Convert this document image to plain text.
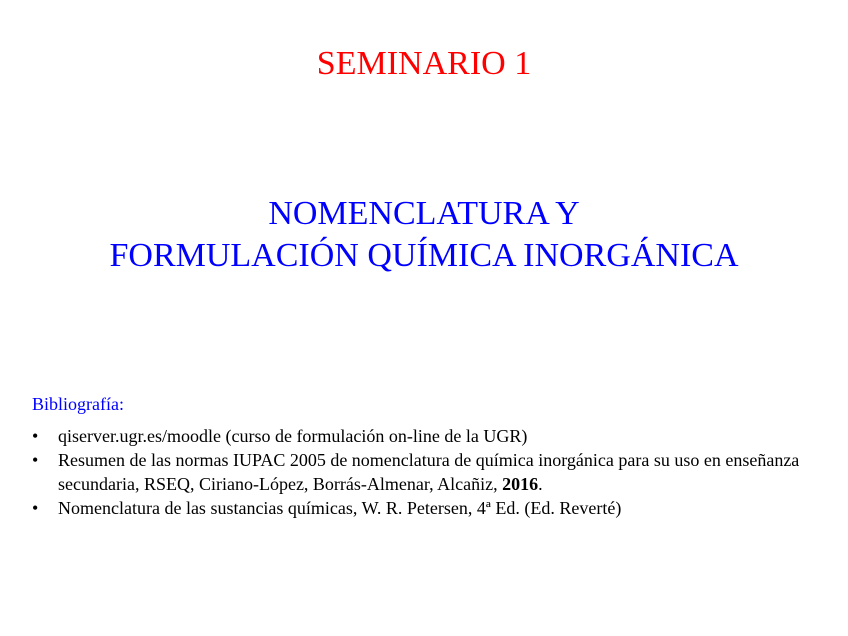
SEMINARIO 1
NOMENCLATURA Y
FORMULACIÓN QUÍMICA INORGÁNICA

Bibliografía:

•	qiserver.ugr.es/moodle (curso de formulación on-line de la UGR)
•	Resumen de las normas IUPAC 2005 de nomenclatura de química inorgánica para su uso en enseñanza secundaria, RSEQ, Ciriano-López, Borrás-Almenar, Alcañiz, 2016.
•	Nomenclatura de las sustancias químicas, W. R. Petersen, 4ª Ed. (Ed. Reverté)
